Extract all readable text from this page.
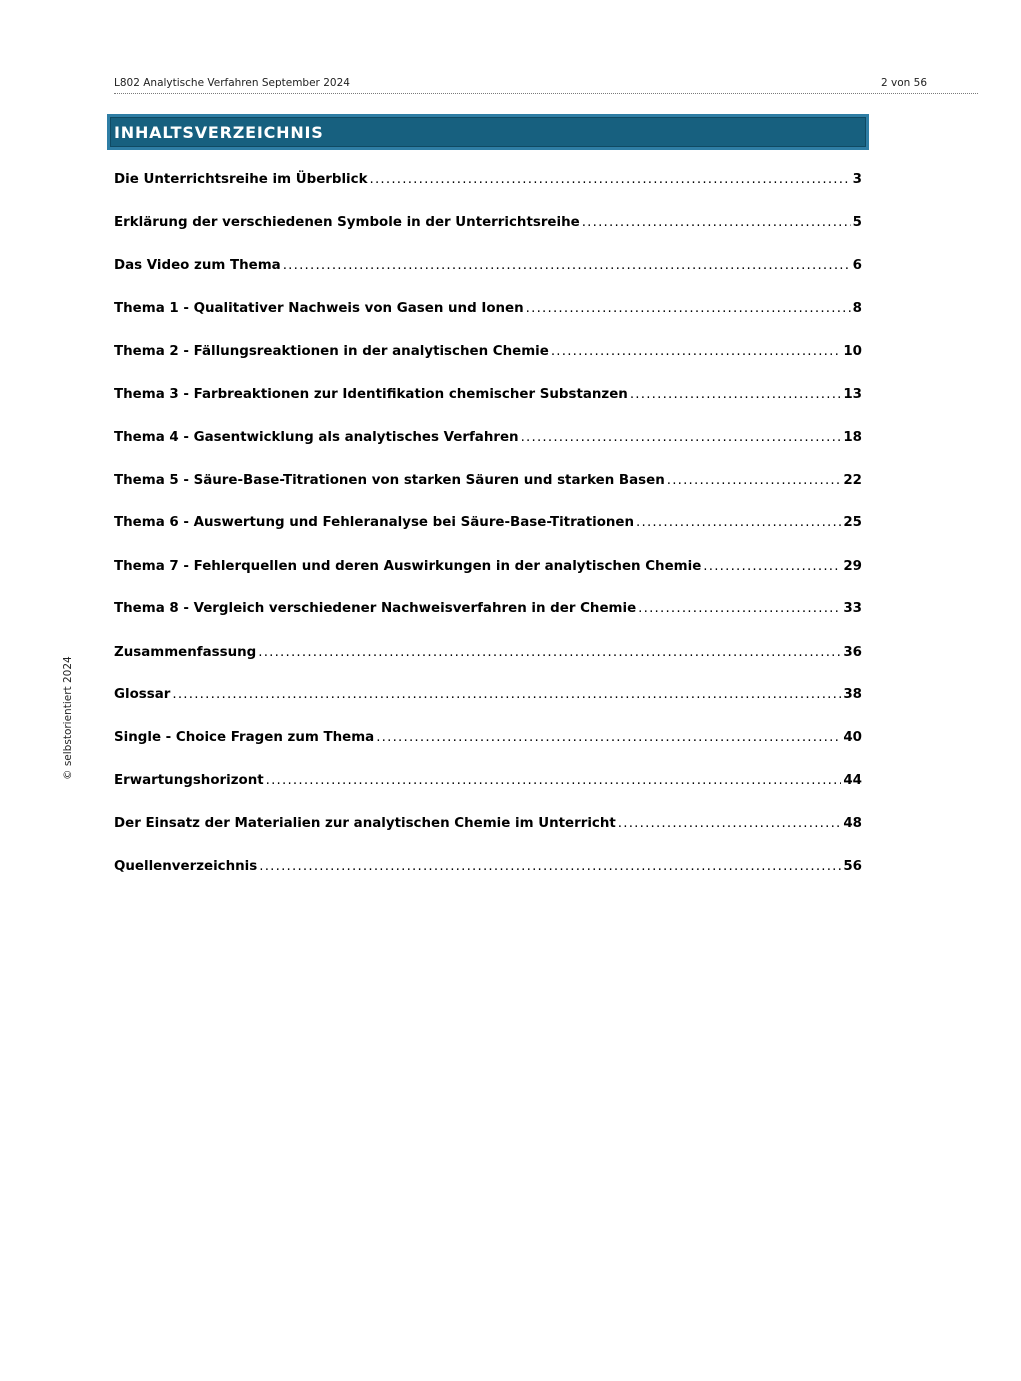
L802 Analytische Verfahren September 2024	2 von 56
INHALTSVERZEICHNIS
Die Unterrichtsreihe im Überblick .....	3
Erklärung der verschiedenen Symbole in der Unterrichtsreihe .....	5
Das Video zum Thema .....	6
Thema 1 - Qualitativer Nachweis von Gasen und Ionen .....	8
Thema 2 - Fällungsreaktionen in der analytischen Chemie .....	10
Thema 3 - Farbreaktionen zur Identifikation chemischer Substanzen .....	13
Thema 4 - Gasentwicklung als analytisches Verfahren .....	18
Thema 5 - Säure-Base-Titrationen von starken Säuren und starken Basen .....	22
Thema 6 - Auswertung und Fehleranalyse bei Säure-Base-Titrationen .....	25
Thema 7 - Fehlerquellen und deren Auswirkungen in der analytischen Chemie .....	29
Thema 8 - Vergleich verschiedener Nachweisverfahren in der Chemie .....	33
Zusammenfassung .....	36
Glossar .....	38
Single - Choice Fragen zum Thema .....	40
Erwartungshorizont .....	44
Der Einsatz der Materialien zur analytischen Chemie im Unterricht .....	48
Quellenverzeichnis .....	56
© selbstorientiert 2024
